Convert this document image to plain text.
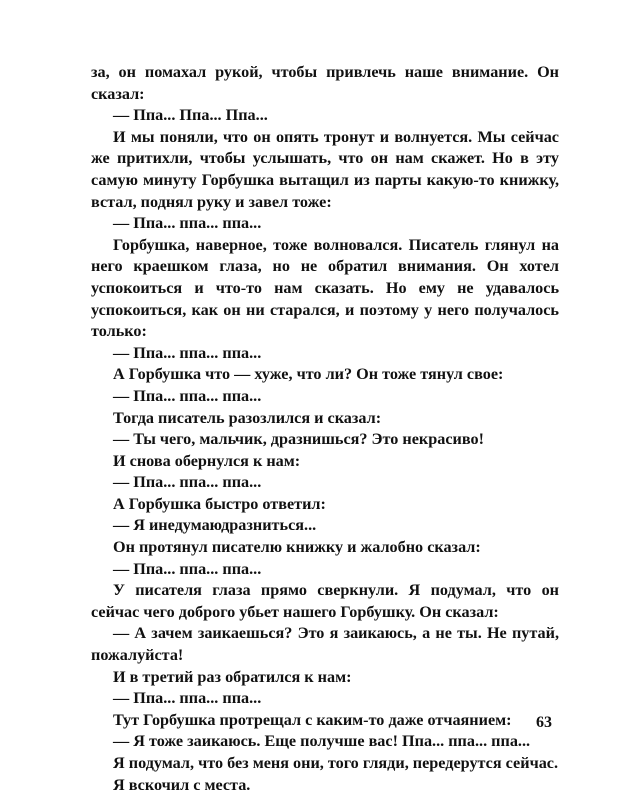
за, он помахал рукой, чтобы привлечь наше внимание. Он сказал:

— Ппа... Ппа... Ппа...

И мы поняли, что он опять тронут и волнуется. Мы сейчас же притихли, чтобы услышать, что он нам скажет. Но в эту самую минуту Горбушка вытащил из парты какую-то книжку, встал, поднял руку и завел тоже:

— Ппа... ппа... ппа...

Горбушка, наверное, тоже волновался. Писатель глянул на него краешком глаза, но не обратил внимания. Он хотел успокоиться и что-то нам сказать. Но ему не удавалось успокоиться, как он ни старался, и поэтому у него получалось только:

— Ппа... ппа... ппа...

А Горбушка что — хуже, что ли? Он тоже тянул свое:

— Ппа... ппа... ппа...

Тогда писатель разозлился и сказал:

— Ты чего, мальчик, дразнишься? Это некрасиво!

И снова обернулся к нам:

— Ппа... ппа... ппа...

А Горбушка быстро ответил:

— Я инедумаюдразниться...

Он протянул писателю книжку и жалобно сказал:

— Ппа... ппа... ппа...

У писателя глаза прямо сверкнули. Я подумал, что он сейчас чего доброго убьет нашего Горбушку. Он сказал:

— А зачем заикаешься? Это я заикаюсь, а не ты. Не путай, пожалуйста!

И в третий раз обратился к нам:

— Ппа... ппа... ппа...

Тут Горбушка протрещал с каким-то даже отчаянием:

— Я тоже заикаюсь. Еще получше вас! Ппа... ппа... ппа...

Я подумал, что без меня они, того гляди, передерутся сейчас.

Я вскочил с места.

63
